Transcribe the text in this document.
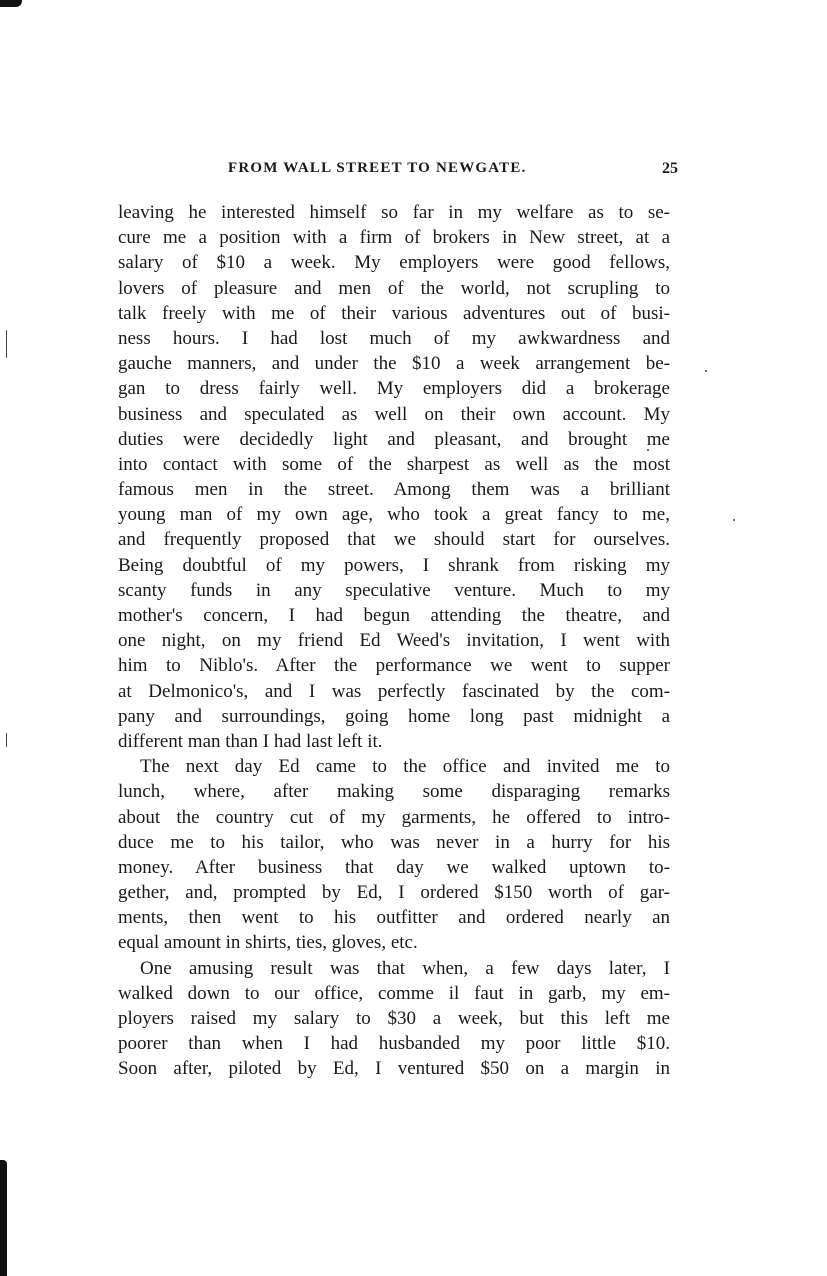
FROM WALL STREET TO NEWGATE.	25
leaving he interested himself so far in my welfare as to se-
cure me a position with a firm of brokers in New street, at a
salary of $10 a week. My employers were good fellows,
lovers of pleasure and men of the world, not scrupling to
talk freely with me of their various adventures out of busi-
ness hours. I had lost much of my awkwardness and
gauche manners, and under the $10 a week arrangement be-
gan to dress fairly well. My employers did a brokerage
business and speculated as well on their own account. My
duties were decidedly light and pleasant, and brought me
into contact with some of the sharpest as well as the most
famous men in the street. Among them was a brilliant
young man of my own age, who took a great fancy to me,
and frequently proposed that we should start for ourselves.
Being doubtful of my powers, I shrank from risking my
scanty funds in any speculative venture. Much to my
mother's concern, I had begun attending the theatre, and
one night, on my friend Ed Weed's invitation, I went with
him to Niblo's. After the performance we went to supper
at Delmonico's, and I was perfectly fascinated by the com-
pany and surroundings, going home long past midnight a
different man than I had last left it.
The next day Ed came to the office and invited me to
lunch, where, after making some disparaging remarks
about the country cut of my garments, he offered to intro-
duce me to his tailor, who was never in a hurry for his
money. After business that day we walked uptown to-
gether, and, prompted by Ed, I ordered $150 worth of gar-
ments, then went to his outfitter and ordered nearly an
equal amount in shirts, ties, gloves, etc.
One amusing result was that when, a few days later, I
walked down to our office, comme il faut in garb, my em-
ployers raised my salary to $30 a week, but this left me
poorer than when I had husbanded my poor little $10.
Soon after, piloted by Ed, I ventured $50 on a margin in
